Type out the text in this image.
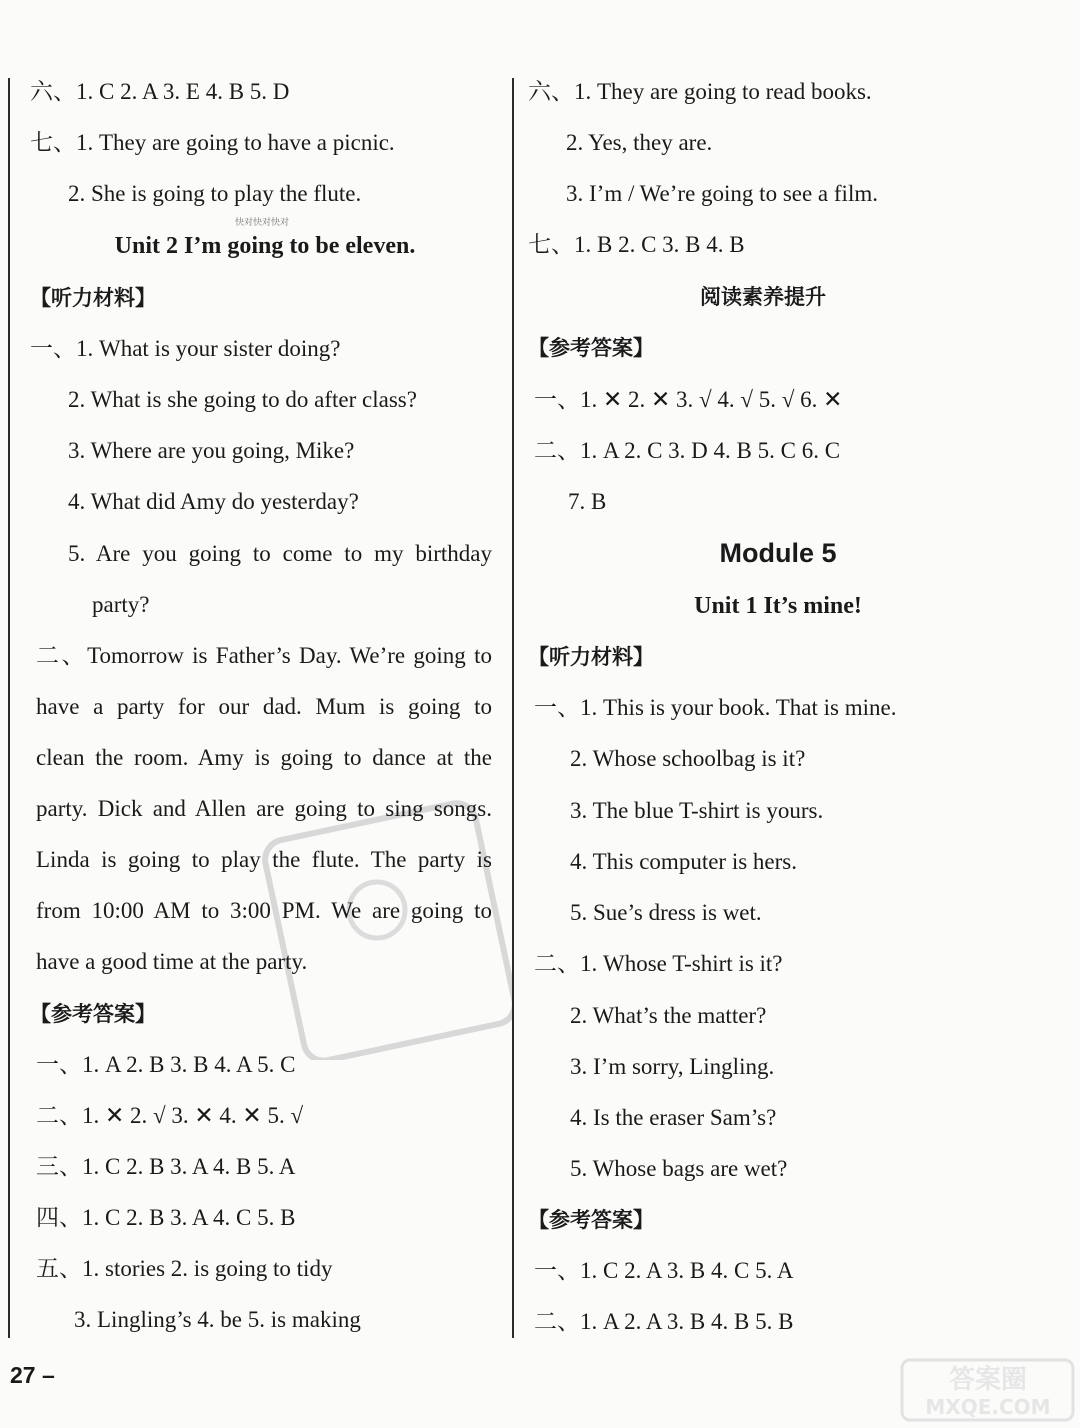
六、1. C 2. A 3. E 4. B 5. D
七、1. They are going to have a picnic.
2. She is going to play the flute.
Unit 2 I’m going to be eleven.
【听力材料】
一、1. What is your sister doing?
2. What is she going to do after class?
3. Where are you going, Mike?
4. What did Amy do yesterday?
5. Are you going to come to my birthday
party?
二、Tomorrow is Father’s Day. We’re going to
have a party for our dad. Mum is going to
clean the room. Amy is going to dance at the
party. Dick and Allen are going to sing songs.
Linda is going to play the flute. The party is
from 10:00 AM to 3:00 PM. We are going to
have a good time at the party.
【参考答案】
一、1. A 2. B 3. B 4. A 5. C
二、1. ✕ 2. √ 3. ✕ 4. ✕ 5. √
三、1. C 2. B 3. A 4. B 5. A
四、1. C 2. B 3. A 4. C 5. B
五、1. stories 2. is going to tidy
3. Lingling’s 4. be 5. is making
六、1. They are going to read books.
2. Yes, they are.
3. I’m / We’re going to see a film.
七、1. B 2. C 3. B 4. B
阅读素养提升
【参考答案】
一、1. ✕ 2. ✕ 3. √ 4. √ 5. √ 6. ✕
二、1. A 2. C 3. D 4. B 5. C 6. C
7. B
Module 5
Unit 1 It’s mine!
【听力材料】
一、1. This is your book. That is mine.
2. Whose schoolbag is it?
3. The blue T-shirt is yours.
4. This computer is hers.
5. Sue’s dress is wet.
二、1. Whose T-shirt is it?
2. What’s the matter?
3. I’m sorry, Lingling.
4. Is the eraser Sam’s?
5. Whose bags are wet?
【参考答案】
一、1. C 2. A 3. B 4. C 5. A
二、1. A 2. A 3. B 4. B 5. B
27 –
快对快对快对
答案圈
MXQE.COM
